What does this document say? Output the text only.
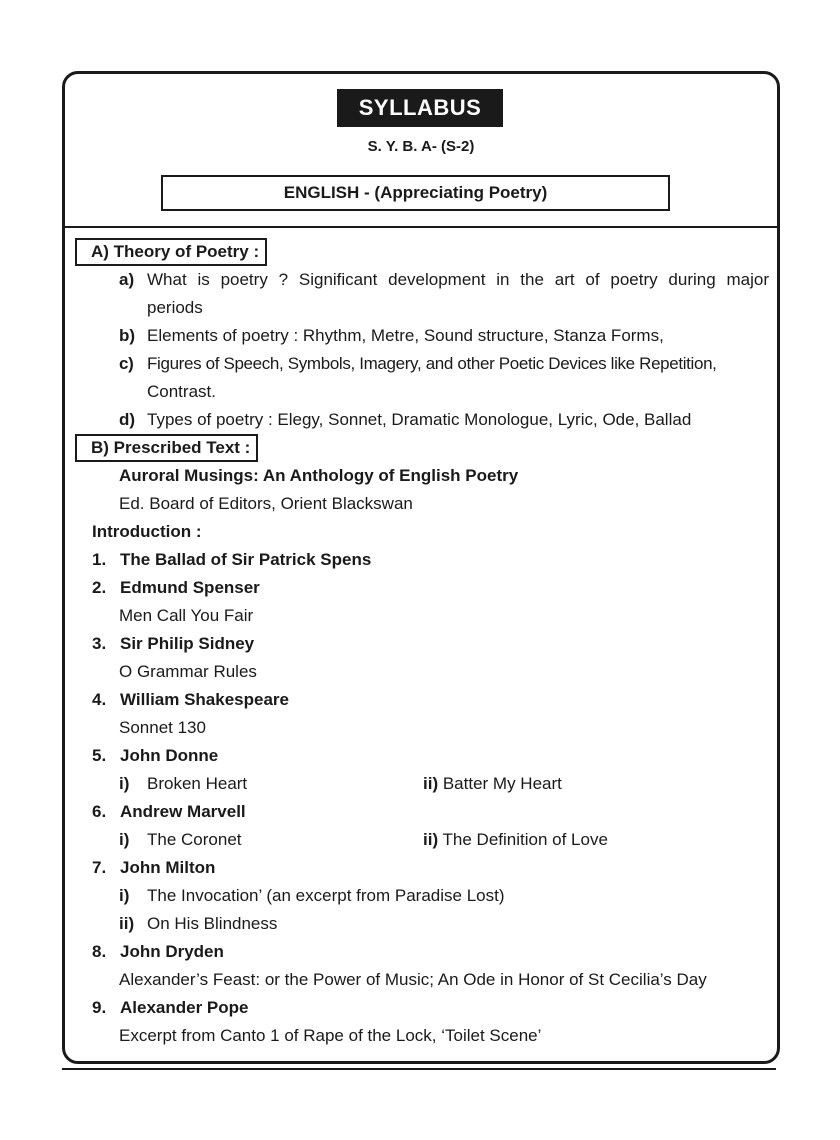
SYLLABUS
S. Y. B. A- (S-2)
ENGLISH - (Appreciating Poetry)
A) Theory of Poetry :
a) What is poetry ? Significant development in the art of poetry during major
periods
b) Elements of poetry : Rhythm, Metre, Sound structure, Stanza Forms,
c) Figures of Speech, Symbols, Imagery, and other Poetic Devices like Repetition,
Contrast.
d) Types of poetry : Elegy, Sonnet, Dramatic Monologue, Lyric, Ode, Ballad
B) Prescribed Text :
Auroral Musings: An Anthology of English Poetry
Ed. Board of Editors, Orient Blackswan
Introduction :
1. The Ballad of Sir Patrick Spens
2. Edmund Spenser
Men Call You Fair
3. Sir Philip Sidney
O Grammar Rules
4. William Shakespeare
Sonnet 130
5. John Donne
i) Broken Heart	ii) Batter My Heart
6. Andrew Marvell
i) The Coronet	ii) The Definition of Love
7. John Milton
i) The Invocation’ (an excerpt from Paradise Lost)
ii) On His Blindness
8. John Dryden
Alexander’s Feast: or the Power of Music; An Ode in Honor of St Cecilia’s Day
9. Alexander Pope
Excerpt from Canto 1 of Rape of the Lock, ‘Toilet Scene’
